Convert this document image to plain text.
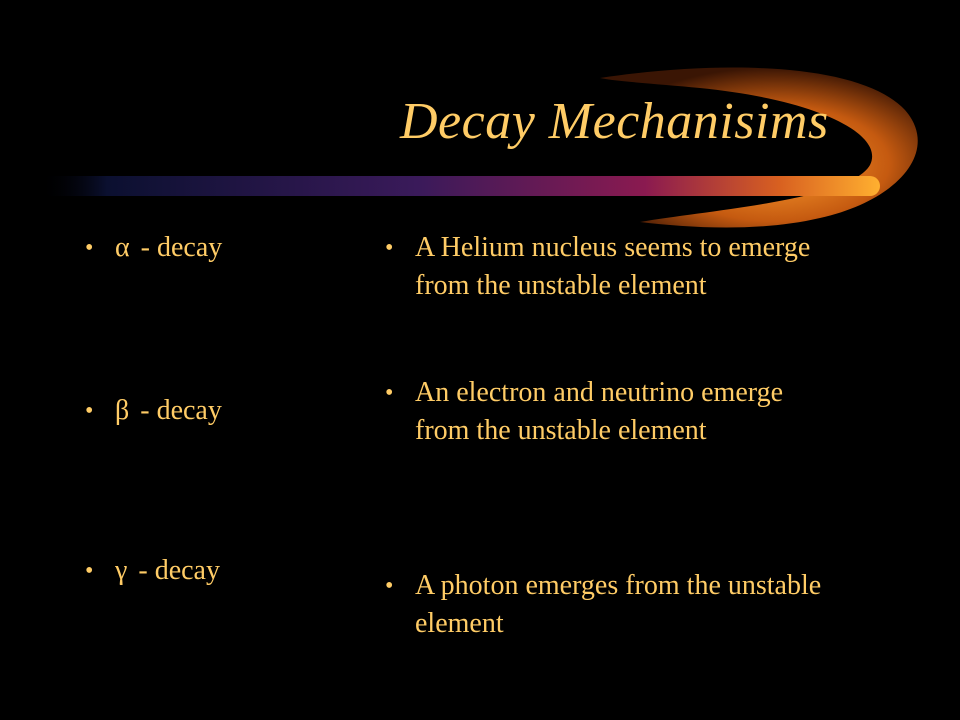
Decay Mechanisims
• α - decay
• β - decay
• γ - decay
• A Helium nucleus seems to emerge from the unstable element
• An electron and neutrino emerge from the unstable element
• A photon emerges from the unstable element
